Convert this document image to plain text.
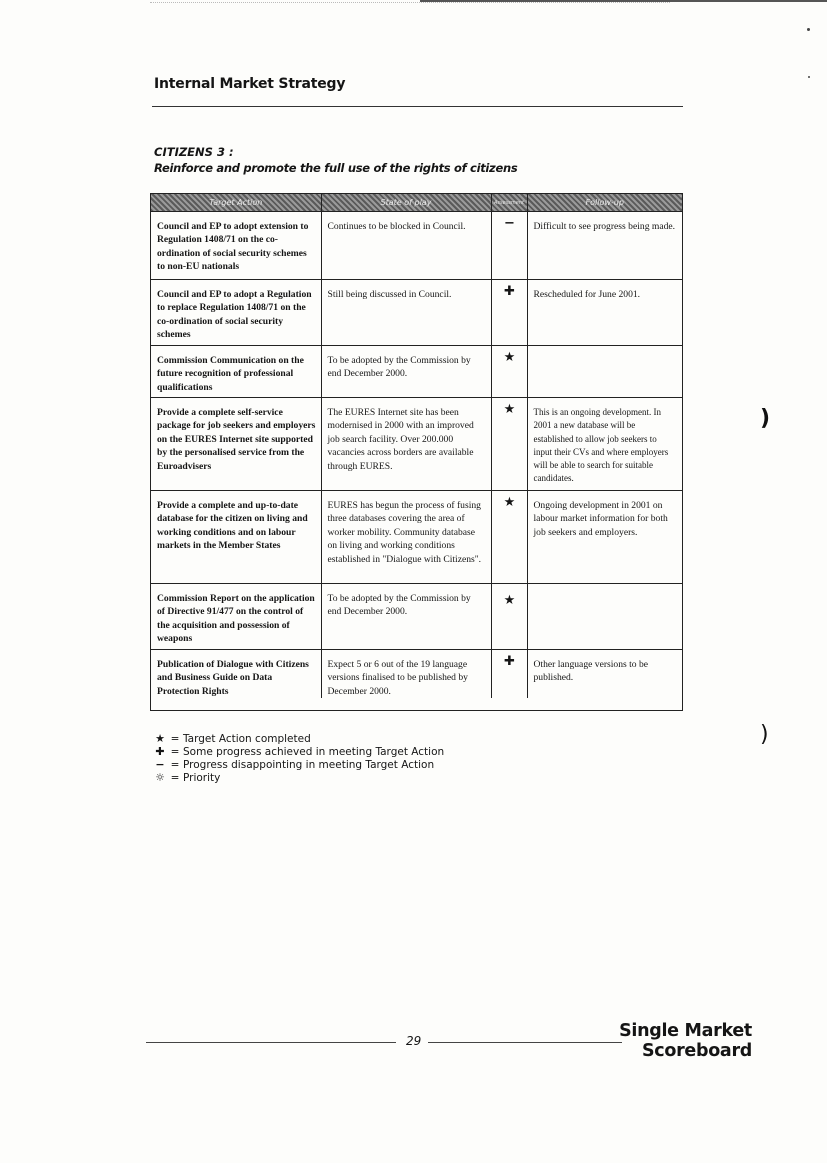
Internal Market Strategy
CITIZENS 3 :
Reinforce and promote the full use of the rights of citizens
Target Action	State of play	Assessment	Follow-up

Council and EP to adopt extension to Regulation 1408/71 on the co-ordination of social security schemes to non-EU nationals	Continues to be blocked in Council.	−	Difficult to see progress being made.

Council and EP to adopt a Regulation to replace Regulation 1408/71 on the co-ordination of social security schemes	Still being discussed in Council.	✚	Rescheduled for June 2001.

Commission Communication on the future recognition of professional qualifications	To be adopted by the Commission by end December 2000.	★	

Provide a complete self-service package for job seekers and employers on the EURES Internet site supported by the personalised service from the Euroadvisers	The EURES Internet site has been modernised in 2000 with an improved job search facility. Over 200.000 vacancies across borders are available through EURES.	★	This is an ongoing development. In 2001 a new database will be established to allow job seekers to input their CVs and where employers will be able to search for suitable candidates.

Provide a complete and up-to-date database for the citizen on living and working conditions and on labour markets in the Member States	EURES has begun the process of fusing three databases covering the area of worker mobility. Community database on living and working conditions established in "Dialogue with Citizens".	★	Ongoing development in 2001 on labour market information for both job seekers and employers.

Commission Report on the application of Directive 91/477 on the control of the acquisition and possession of weapons	To be adopted by the Commission by end December 2000.	★	

Publication of Dialogue with Citizens and Business Guide on Data Protection Rights	Expect 5 or 6 out of the 19 language versions finalised to be published by December 2000.	✚	Other language versions to be published.
★ = Target Action completed
✚ = Some progress achieved in meeting Target Action
− = Progress disappointing in meeting Target Action
☼ = Priority
)
)
29	Single Market
Scoreboard
